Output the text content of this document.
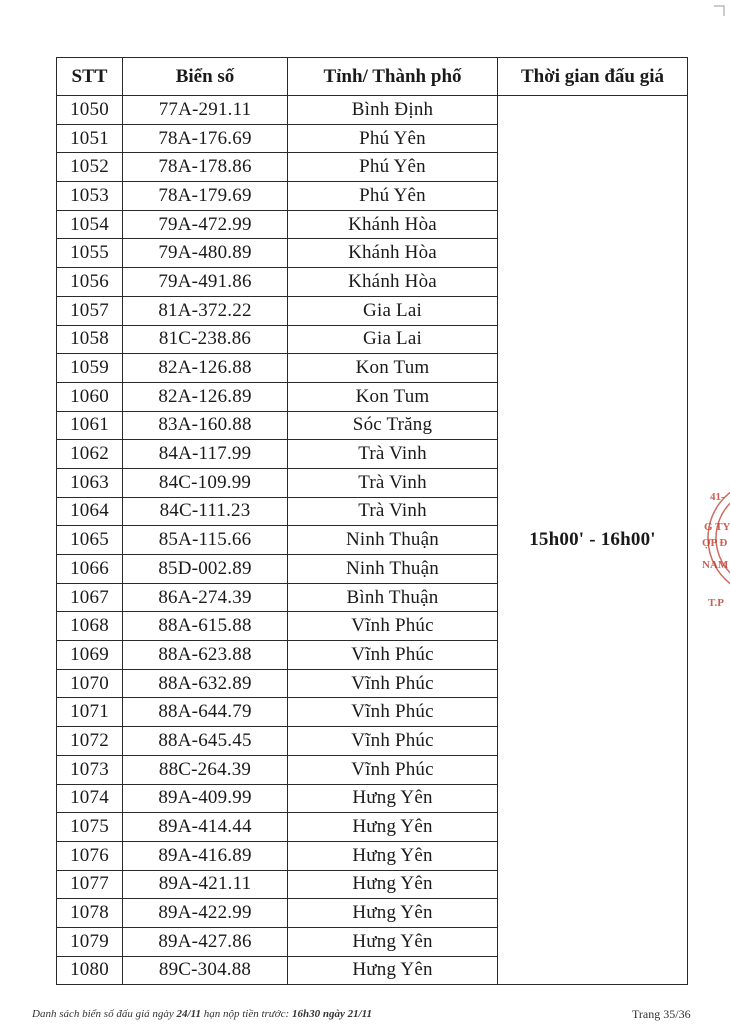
STT	Biển số	Tỉnh/ Thành phố	Thời gian đấu giá
1050	77A-291.11	Bình Định	15h00' - 16h00'
1051	78A-176.69	Phú Yên	
1052	78A-178.86	Phú Yên	
1053	78A-179.69	Phú Yên	
1054	79A-472.99	Khánh Hòa	
1055	79A-480.89	Khánh Hòa	
1056	79A-491.86	Khánh Hòa	
1057	81A-372.22	Gia Lai	
1058	81C-238.86	Gia Lai	
1059	82A-126.88	Kon Tum	
1060	82A-126.89	Kon Tum	
1061	83A-160.88	Sóc Trăng	
1062	84A-117.99	Trà Vinh	
1063	84C-109.99	Trà Vinh	
1064	84C-111.23	Trà Vinh	
1065	85A-115.66	Ninh Thuận	
1066	85D-002.89	Ninh Thuận	
1067	86A-274.39	Bình Thuận	
1068	88A-615.88	Vĩnh Phúc	
1069	88A-623.88	Vĩnh Phúc	
1070	88A-632.89	Vĩnh Phúc	
1071	88A-644.79	Vĩnh Phúc	
1072	88A-645.45	Vĩnh Phúc	
1073	88C-264.39	Vĩnh Phúc	
1074	89A-409.99	Hưng Yên	
1075	89A-414.44	Hưng Yên	
1076	89A-416.89	Hưng Yên	
1077	89A-421.11	Hưng Yên	
1078	89A-422.99	Hưng Yên	
1079	89A-427.86	Hưng Yên	
1080	89C-304.88	Hưng Yên	
Danh sách biển số đấu giá ngày 24/11 hạn nộp tiền trước: 16h30 ngày 21/11	Trang 35/36
41-
G TY
ỢP Đ
NAM
T.P
